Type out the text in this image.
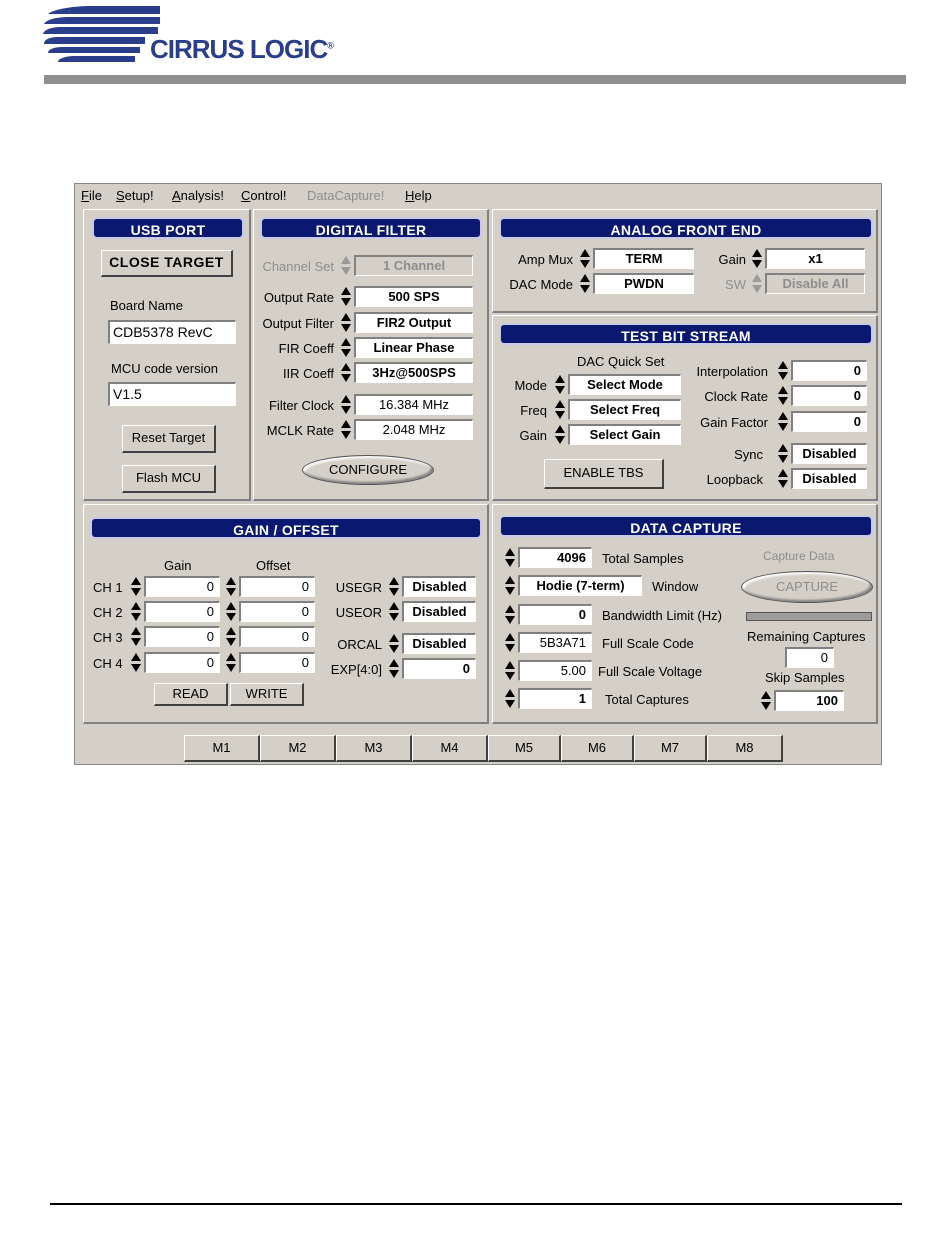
CIRRUS LOGIC®
File Setup! Analysis! Control! DataCapture! Help
USB PORT
CLOSE TARGET
Board Name
CDB5378 RevC
MCU code version
V1.5
Reset Target
Flash MCU
DIGITAL FILTER
Channel Set	1 Channel
Output Rate	500 SPS
Output Filter	FIR2 Output
FIR Coeff	Linear Phase
IIR Coeff	3Hz@500SPS
Filter Clock	16.384 MHz
MCLK Rate	2.048 MHz
CONFIGURE
ANALOG FRONT END
Amp Mux	TERM
DAC Mode	PWDN
Gain	x1
SW	Disable All
TEST BIT STREAM
DAC Quick Set
Mode	Select Mode
Freq	Select Freq
Gain	Select Gain
ENABLE TBS
Interpolation	0
Clock Rate	0
Gain Factor	0
Sync	Disabled
Loopback	Disabled
GAIN / OFFSET
Gain	Offset
CH 1	0	0
CH 2	0	0
CH 3	0	0
CH 4	0	0
USEGR	Disabled
USEOR	Disabled
ORCAL	Disabled
EXP[4:0]	0
READ	WRITE
DATA CAPTURE
4096	Total Samples
Hodie (7-term)	Window
0	Bandwidth Limit (Hz)
5B3A71	Full Scale Code
5.00 Full Scale Voltage
1	Total Captures
Capture Data
CAPTURE
Remaining Captures
0
Skip Samples
100
M1	M2	M3	M4	M5	M6	M7	M8
